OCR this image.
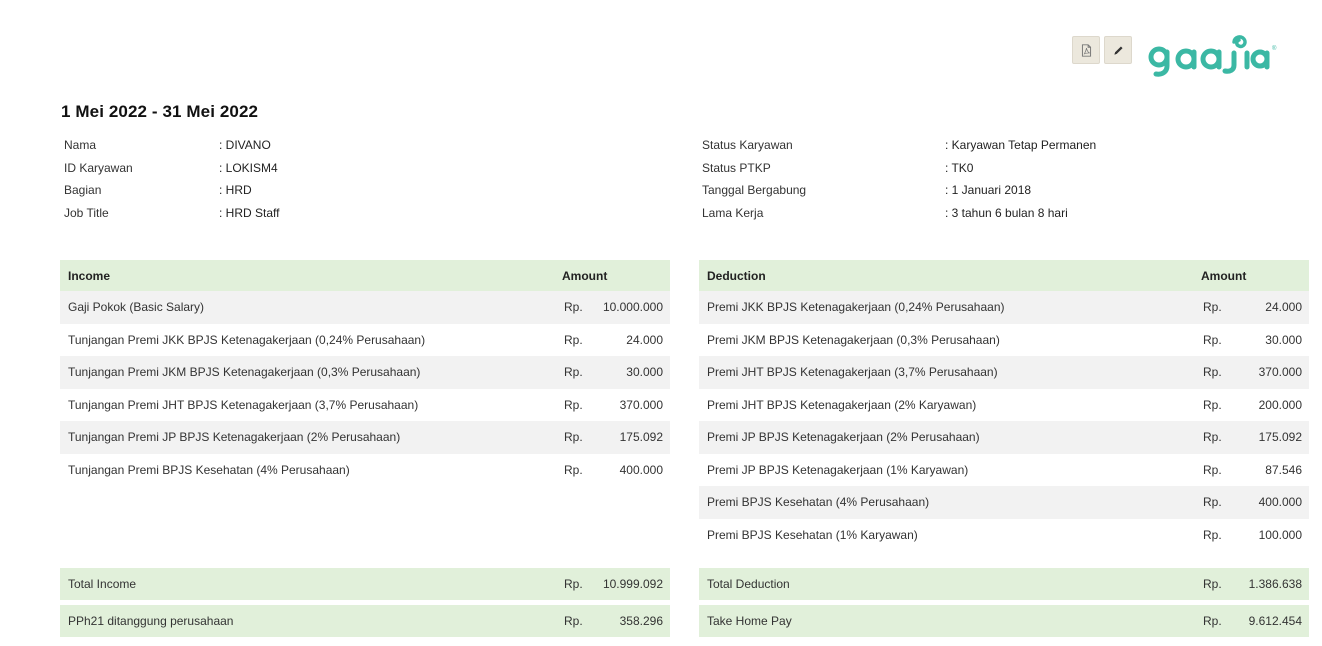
®
1 Mei 2022 - 31 Mei 2022
Nama	: DIVANO
ID Karyawan	: LOKISM4
Bagian	: HRD
Job Title	: HRD Staff
Status Karyawan	: Karyawan Tetap Permanen
Status PTKP	: TK0
Tanggal Bergabung	: 1 Januari 2018
Lama Kerja	: 3 tahun 6 bulan 8 hari
Income	Amount
Gaji Pokok (Basic Salary)	Rp.	10.000.000
Tunjangan Premi JKK BPJS Ketenagakerjaan (0,24% Perusahaan)	Rp.	24.000
Tunjangan Premi JKM BPJS Ketenagakerjaan (0,3% Perusahaan)	Rp.	30.000
Tunjangan Premi JHT BPJS Ketenagakerjaan (3,7% Perusahaan)	Rp.	370.000
Tunjangan Premi JP BPJS Ketenagakerjaan (2% Perusahaan)	Rp.	175.092
Tunjangan Premi BPJS Kesehatan (4% Perusahaan)	Rp.	400.000
Deduction	Amount
Premi JKK BPJS Ketenagakerjaan (0,24% Perusahaan)	Rp.	24.000
Premi JKM BPJS Ketenagakerjaan (0,3% Perusahaan)	Rp.	30.000
Premi JHT BPJS Ketenagakerjaan (3,7% Perusahaan)	Rp.	370.000
Premi JHT BPJS Ketenagakerjaan (2% Karyawan)	Rp.	200.000
Premi JP BPJS Ketenagakerjaan (2% Perusahaan)	Rp.	175.092
Premi JP BPJS Ketenagakerjaan (1% Karyawan)	Rp.	87.546
Premi BPJS Kesehatan (4% Perusahaan)	Rp.	400.000
Premi BPJS Kesehatan (1% Karyawan)	Rp.	100.000
Total Income	Rp.	10.999.092
PPh21 ditanggung perusahaan	Rp.	358.296
Total Deduction	Rp.	1.386.638
Take Home Pay	Rp.	9.612.454
